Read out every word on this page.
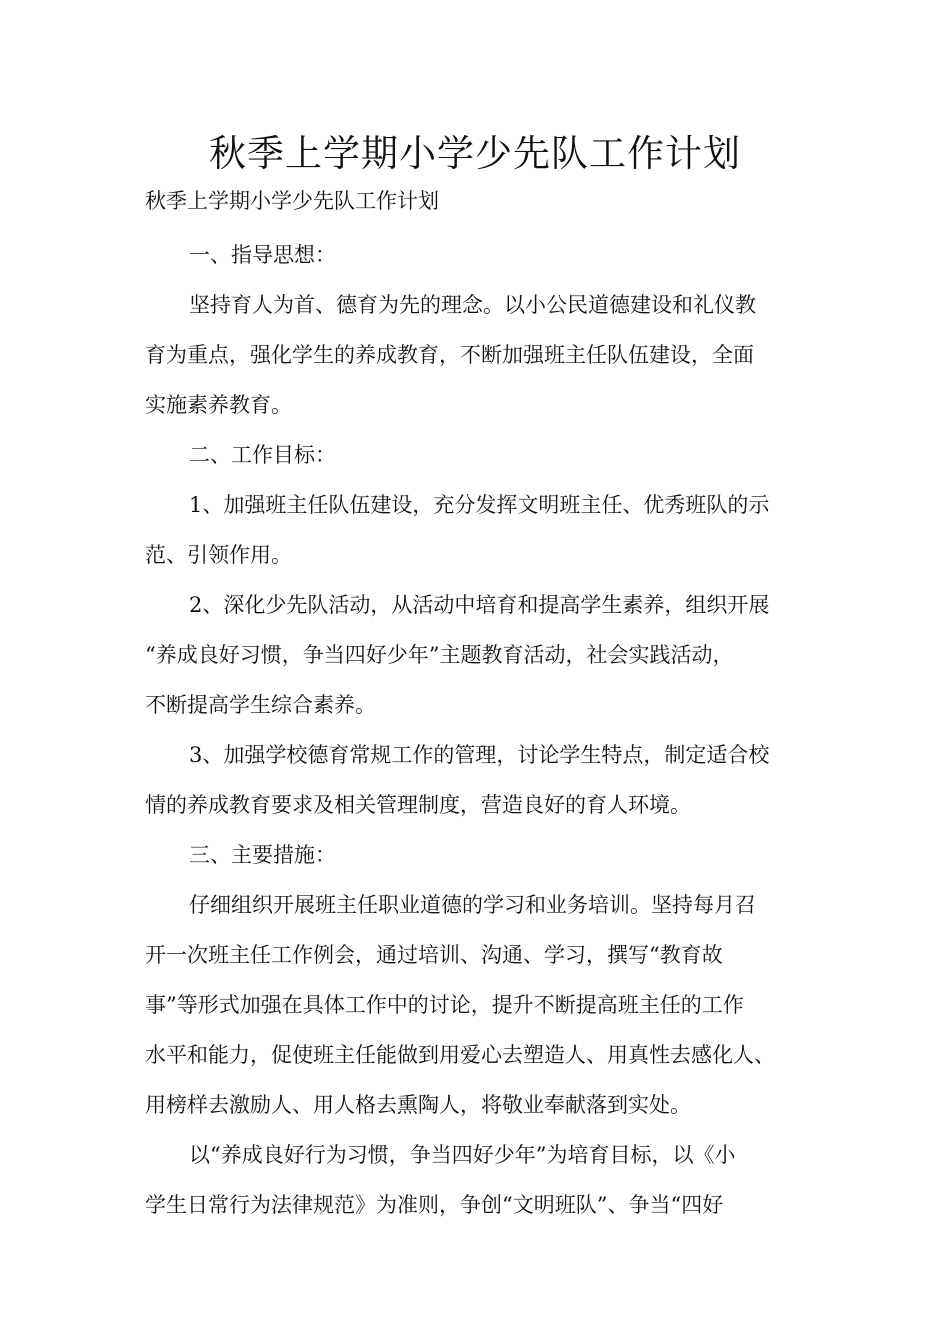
秋季上学期小学少先队工作计划

秋季上学期小学少先队工作计划

一、指导思想：

坚持育人为首、德育为先的理念。以小公民道德建设和礼仪教

育为重点，强化学生的养成教育，不断加强班主任队伍建设，全面

实施素养教育。

二、工作目标：

1、加强班主任队伍建设，充分发挥文明班主任、优秀班队的示

范、引领作用。

2、深化少先队活动，从活动中培育和提高学生素养，组织开展

“养成良好习惯，争当四好少年”主题教育活动，社会实践活动，

不断提高学生综合素养。

3、加强学校德育常规工作的管理，讨论学生特点，制定适合校

情的养成教育要求及相关管理制度，营造良好的育人环境。

三、主要措施：

仔细组织开展班主任职业道德的学习和业务培训。坚持每月召

开一次班主任工作例会，通过培训、沟通、学习，撰写“教育故

事”等形式加强在具体工作中的讨论，提升不断提高班主任的工作

水平和能力，促使班主任能做到用爱心去塑造人、用真性去感化人、

用榜样去激励人、用人格去熏陶人，将敬业奉献落到实处。

以“养成良好行为习惯，争当四好少年”为培育目标，以《小

学生日常行为法律规范》为准则，争创“文明班队”、争当“四好
